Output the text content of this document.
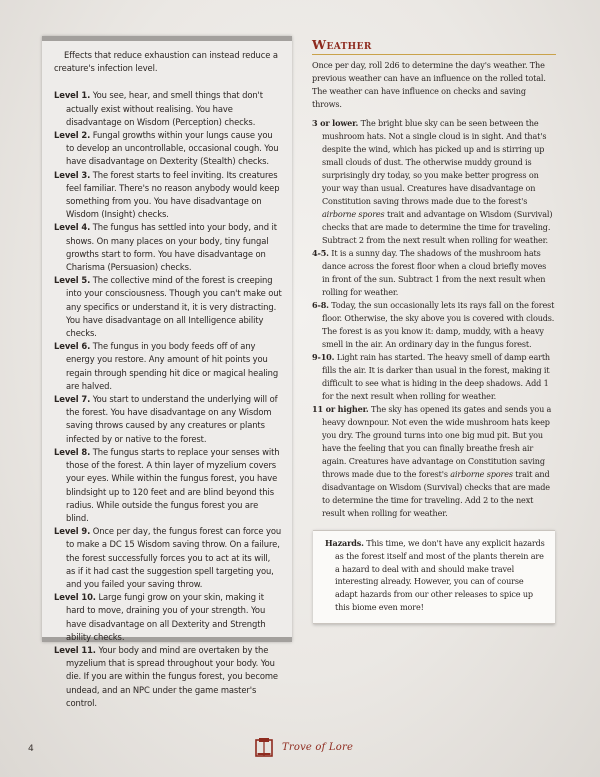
Effects that reduce exhaustion can instead reduce a creature's infection level.

Level 1. You see, hear, and smell things that don't actually exist without realising. You have disadvantage on Wisdom (Perception) checks.

Level 2. Fungal growths within your lungs cause you to develop an uncontrollable, occasional cough. You have disadvantage on Dexterity (Stealth) checks.

Level 3. The forest starts to feel inviting. Its creatures feel familiar. There's no reason anybody would keep something from you. You have disadvantage on Wisdom (Insight) checks.

Level 4. The fungus has settled into your body, and it shows. On many places on your body, tiny fungal growths start to form. You have disadvantage on Charisma (Persuasion) checks.

Level 5. The collective mind of the forest is creeping into your consciousness. Though you can't make out any specifics or understand it, it is very distracting. You have disadvantage on all Intelligence ability checks.

Level 6. The fungus in you body feeds off of any energy you restore. Any amount of hit points you regain through spending hit dice or magical healing are halved.

Level 7. You start to understand the underlying will of the forest. You have disadvantage on any Wisdom saving throws caused by any creatures or plants infected by or native to the forest.

Level 8. The fungus starts to replace your senses with those of the forest. A thin layer of myzelium covers your eyes. While within the fungus forest, you have blindsight up to 120 feet and are blind beyond this radius. While outside the fungus forest you are blind.

Level 9. Once per day, the fungus forest can force you to make a DC 15 Wisdom saving throw. On a failure, the forest successfully forces you to act at its will, as if it had cast the suggestion spell targeting you, and you failed your saving throw.

Level 10. Large fungi grow on your skin, making it hard to move, draining you of your strength. You have disadvantage on all Dexterity and Strength ability checks.

Level 11. Your body and mind are overtaken by the myzelium that is spread throughout your body. You die. If you are within the fungus forest, you become undead, and an NPC under the game master's control.

Weather

Once per day, roll 2d6 to determine the day's weather. The previous weather can have an influence on the rolled total. The weather can have influence on checks and saving throws.

3 or lower. The bright blue sky can be seen between the mushroom hats. Not a single cloud is in sight. And that's despite the wind, which has picked up and is stirring up small clouds of dust. The otherwise muddy ground is surprisingly dry today, so you make better progress on your way than usual. Creatures have disadvantage on Constitution saving throws made due to the forest's airborne spores trait and advantage on Wisdom (Survival) checks that are made to determine the time for traveling. Subtract 2 from the next result when rolling for weather.

4-5. It is a sunny day. The shadows of the mushroom hats dance across the forest floor when a cloud briefly moves in front of the sun. Subtract 1 from the next result when rolling for weather.

6-8. Today, the sun occasionally lets its rays fall on the forest floor. Otherwise, the sky above you is covered with clouds. The forest is as you know it: damp, muddy, with a heavy smell in the air. An ordinary day in the fungus forest.

9-10. Light rain has started. The heavy smell of damp earth fills the air. It is darker than usual in the forest, making it difficult to see what is hiding in the deep shadows. Add 1 for the next result when rolling for weather.

11 or higher. The sky has opened its gates and sends you a heavy downpour. Not even the wide mushroom hats keep you dry. The ground turns into one big mud pit. But you have the feeling that you can finally breathe fresh air again. Creatures have advantage on Constitution saving throws made due to the forest's airborne spores trait and disadvantage on Wisdom (Survival) checks that are made to determine the time for traveling. Add 2 to the next result when rolling for weather.

Hazards. This time, we don't have any explicit hazards as the forest itself and most of the plants therein are a hazard to deal with and should make travel interesting already. However, you can of course adapt hazards from our other releases to spice up this biome even more!

4	Trove of Lore
